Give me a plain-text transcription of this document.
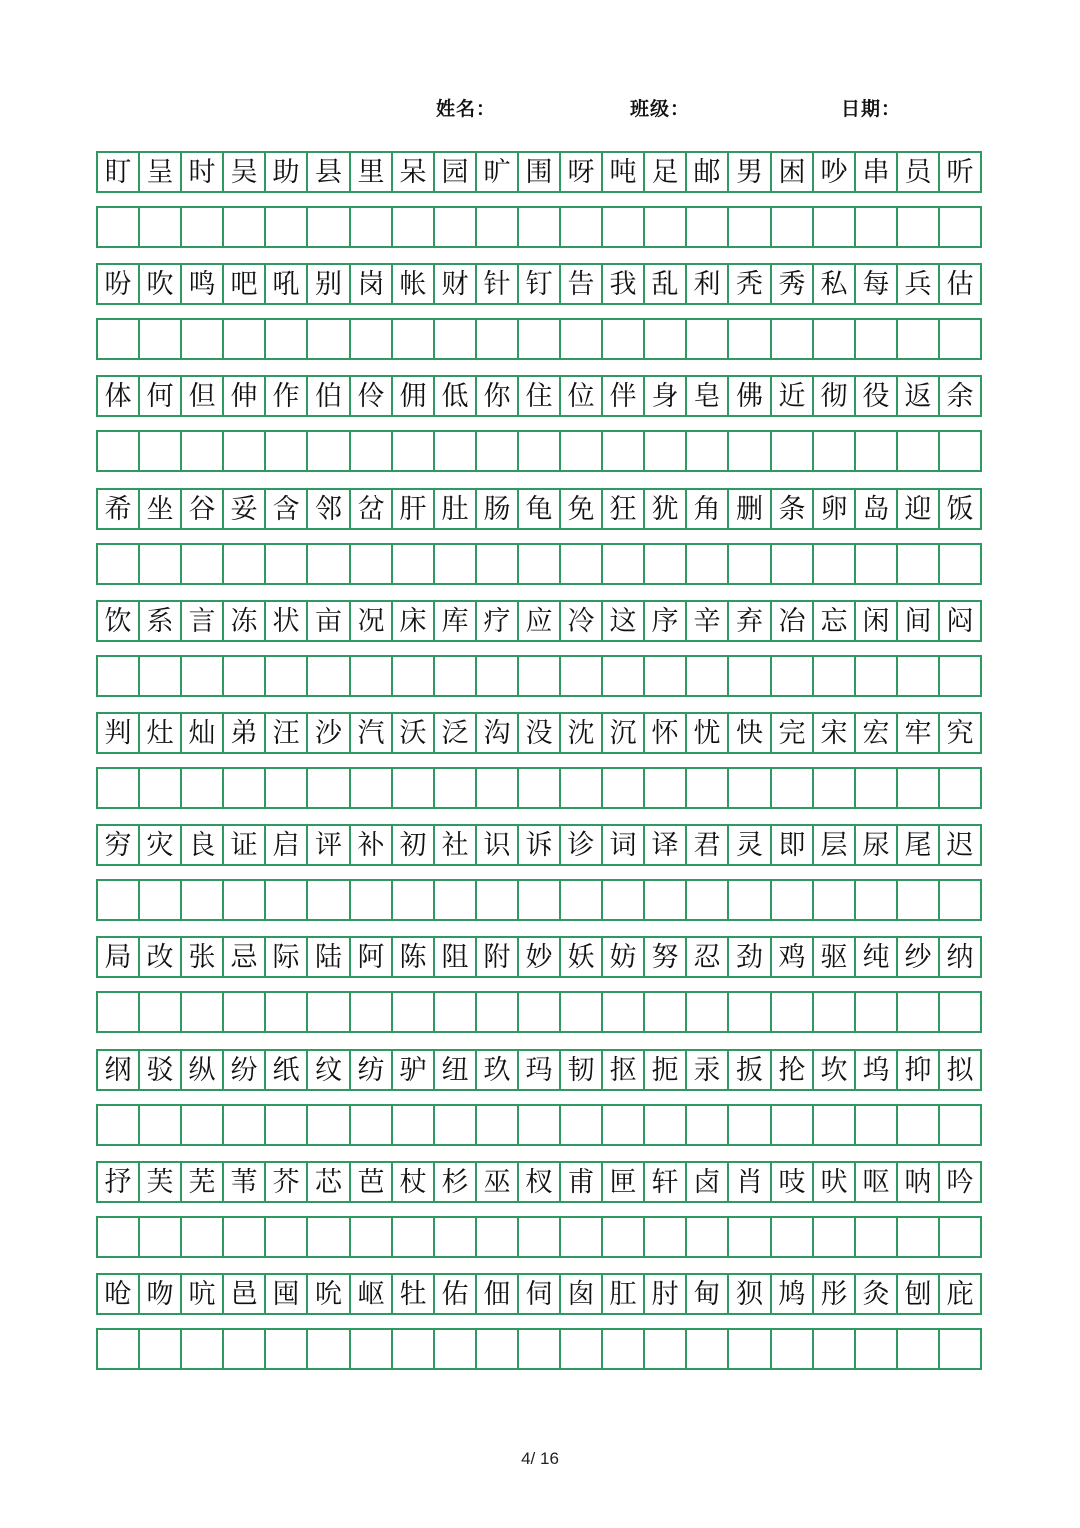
姓名：	班级：	日期：
盯 呈 时 吴 助 县 里 呆 园 旷 围 呀 吨 足 邮 男 困 吵 串 员 听
吩 吹 鸣 吧 吼 别 岗 帐 财 针 钉 告 我 乱 利 秃 秀 私 每 兵 估
体 何 但 伸 作 伯 伶 佣 低 你 住 位 伴 身 皂 佛 近 彻 役 返 余
希 坐 谷 妥 含 邻 岔 肝 肚 肠 龟 免 狂 犹 角 删 条 卵 岛 迎 饭
饮 系 言 冻 状 亩 况 床 库 疗 应 冷 这 序 辛 弃 冶 忘 闲 间 闷
判 灶 灿 弟 汪 沙 汽 沃 泛 沟 没 沈 沉 怀 忧 快 完 宋 宏 牢 究
穷 灾 良 证 启 评 补 初 社 识 诉 诊 词 译 君 灵 即 层 尿 尾 迟
局 改 张 忌 际 陆 阿 陈 阻 附 妙 妖 妨 努 忍 劲 鸡 驱 纯 纱 纳
纲 驳 纵 纷 纸 纹 纺 驴 纽 玖 玛 韧 抠 扼 汞 扳 抡 坎 坞 抑 拟
抒 芙 芜 苇 芥 芯 芭 杖 杉 巫 杈 甫 匣 轩 卤 肖 吱 吠 呕 呐 吟
呛 吻 吭 邑 囤 吮 岖 牡 佑 佃 伺 囱 肛 肘 甸 狈 鸠 彤 灸 刨 庇
4/ 16
